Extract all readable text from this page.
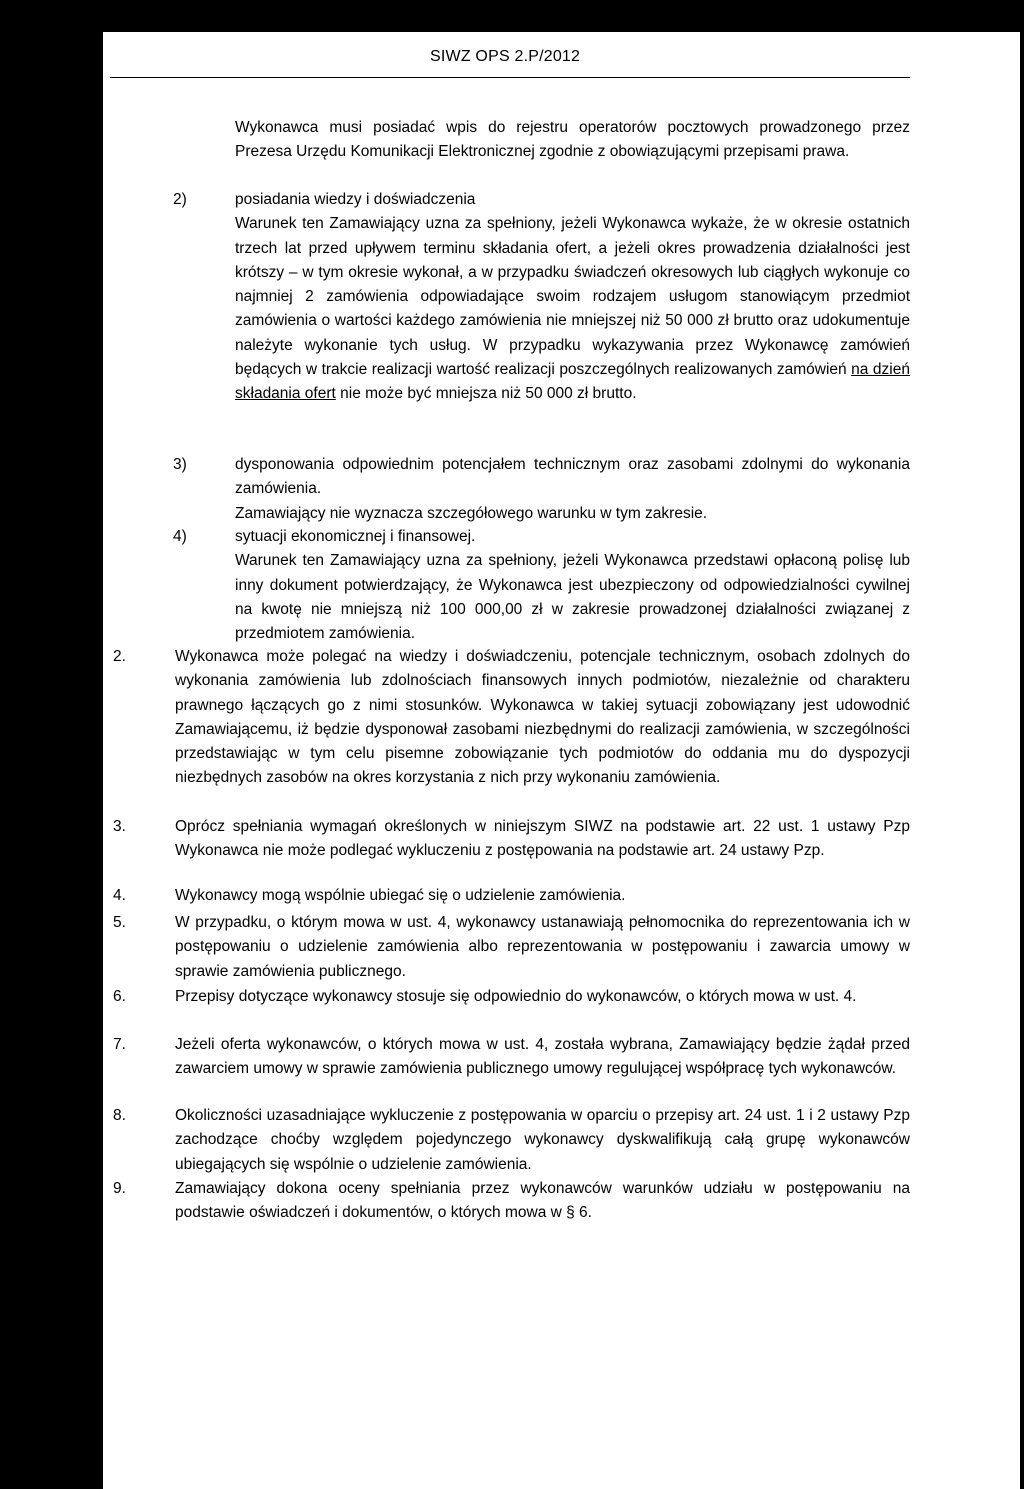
SIWZ OPS 2.P/2012
Wykonawca musi posiadać wpis do rejestru operatorów pocztowych prowadzonego przez Prezesa Urzędu Komunikacji Elektronicznej zgodnie z obowiązującymi przepisami prawa.
2)	posiadania wiedzy i doświadczenia
Warunek ten Zamawiający uzna za spełniony, jeżeli Wykonawca wykaże, że w okresie ostatnich trzech lat przed upływem terminu składania ofert, a jeżeli okres prowadzenia działalności jest krótszy – w tym okresie wykonał, a w przypadku świadczeń okresowych lub ciągłych wykonuje co najmniej 2 zamówienia odpowiadające swoim rodzajem usługom stanowiącym przedmiot zamówienia o wartości każdego zamówienia nie mniejszej niż 50 000 zł brutto oraz udokumentuje należyte wykonanie tych usług. W przypadku wykazywania przez Wykonawcę zamówień będących w trakcie realizacji wartość realizacji poszczególnych realizowanych zamówień na dzień składania ofert nie może być mniejsza niż 50 000 zł brutto.
3)	dysponowania odpowiednim potencjałem technicznym oraz zasobami zdolnymi do wykonania zamówienia.
Zamawiający nie wyznacza szczegółowego warunku w tym zakresie.
4)	sytuacji ekonomicznej i finansowej.
Warunek ten Zamawiający uzna za spełniony, jeżeli Wykonawca przedstawi opłaconą polisę lub inny dokument potwierdzający, że Wykonawca jest ubezpieczony od odpowiedzialności cywilnej na kwotę nie mniejszą niż 100 000,00 zł w zakresie prowadzonej działalności związanej z przedmiotem zamówienia.
2.	Wykonawca może polegać na wiedzy i doświadczeniu, potencjale technicznym, osobach zdolnych do wykonania zamówienia lub zdolnościach finansowych innych podmiotów, niezależnie od charakteru prawnego łączących go z nimi stosunków. Wykonawca w takiej sytuacji zobowiązany jest udowodnić Zamawiającemu, iż będzie dysponował zasobami niezbędnymi do realizacji zamówienia, w szczególności przedstawiając w tym celu pisemne zobowiązanie tych podmiotów do oddania mu do dyspozycji niezbędnych zasobów na okres korzystania z nich przy wykonaniu zamówienia.
3.	Oprócz spełniania wymagań określonych w niniejszym SIWZ na podstawie art. 22 ust. 1 ustawy Pzp Wykonawca nie może podlegać wykluczeniu z postępowania na podstawie art. 24 ustawy Pzp.
4.	Wykonawcy mogą wspólnie ubiegać się o udzielenie zamówienia.
5.	W przypadku, o którym mowa w ust. 4, wykonawcy ustanawiają pełnomocnika do reprezentowania ich w postępowaniu o udzielenie zamówienia albo reprezentowania w postępowaniu i zawarcia umowy w sprawie zamówienia publicznego.
6.	Przepisy dotyczące wykonawcy stosuje się odpowiednio do wykonawców, o których mowa w ust. 4.
7.	Jeżeli oferta wykonawców, o których mowa w ust. 4, została wybrana, Zamawiający będzie żądał przed zawarciem umowy w sprawie zamówienia publicznego umowy regulującej współpracę tych wykonawców.
8.	Okoliczności uzasadniające wykluczenie z postępowania w oparciu o przepisy art. 24 ust. 1 i 2 ustawy Pzp zachodzące choćby względem pojedynczego wykonawcy dyskwalifikują całą grupę wykonawców ubiegających się wspólnie o udzielenie zamówienia.
9.	Zamawiający dokona oceny spełniania przez wykonawców warunków udziału w postępowaniu na podstawie oświadczeń i dokumentów, o których mowa w § 6.
